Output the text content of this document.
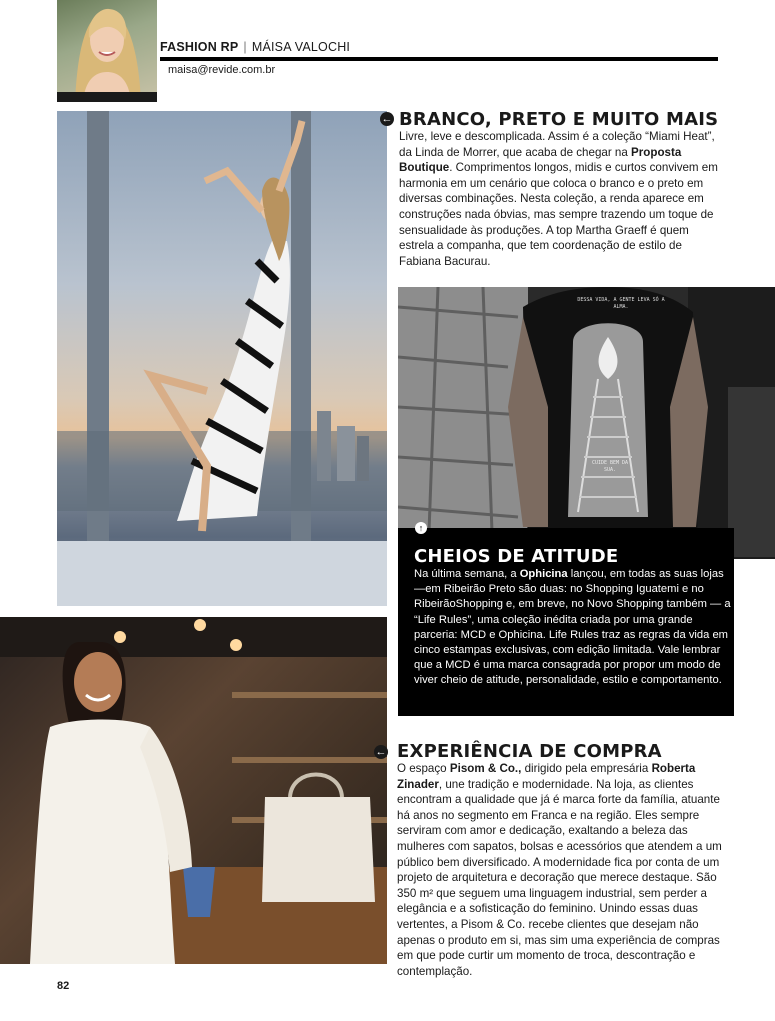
FASHION RP | MÁISA VALOCHI
maisa@revide.com.br
← BRANCO, PRETO E MUITO MAIS
Livre, leve e descomplicada. Assim é a coleção “Miami Heat”, da Linda de Morrer, que acaba de chegar na Proposta Boutique. Comprimentos longos, midis e curtos convivem em harmonia em um cenário que coloca o branco e o preto em diversas combinações. Nesta coleção, a renda aparece em construções nada óbvias, mas sempre trazendo um toque de sensualidade às produções. A top Martha Graeff é quem estrela a companha, que tem coordenação de estilo de Fabiana Bacurau.
DESSA VIDA, A GENTE LEVA SÓ A ALMA.
CUIDE BEM DA SUA.
↑
CHEIOS DE ATITUDE
Na última semana, a Ophicina lançou, em todas as suas lojas —em Ribeirão Preto são duas: no Shopping Iguatemi e no RibeirãoShopping e, em breve, no Novo Shopping também — a “Life Rules”, uma coleção inédita criada por uma grande parceria: MCD e Ophicina. Life Rules traz as regras da vida em cinco estampas exclusivas, com edição limitada. Vale lembrar que a MCD é uma marca consagrada por propor um modo de viver cheio de atitude, personalidade, estilo e comportamento.
← EXPERIÊNCIA DE COMPRA
O espaço Pisom & Co., dirigido pela empresária Roberta Zinader, une tradição e modernidade. Na loja, as clientes encontram a qualidade que já é marca forte da família, atuante há anos no segmento em Franca e na região. Eles sempre serviram com amor e dedicação, exaltando a beleza das mulheres com sapatos, bolsas e acessórios que atendem a um público bem diversificado. A modernidade fica por conta de um projeto de arquitetura e decoração que merece destaque. São 350 m² que seguem uma linguagem industrial, sem perder a elegância e a sofisticação do feminino. Unindo essas duas vertentes, a Pisom & Co. recebe clientes que desejam não apenas o produto em si, mas sim uma experiência de compras em que pode curtir um momento de troca, descontração e contemplação.
82
